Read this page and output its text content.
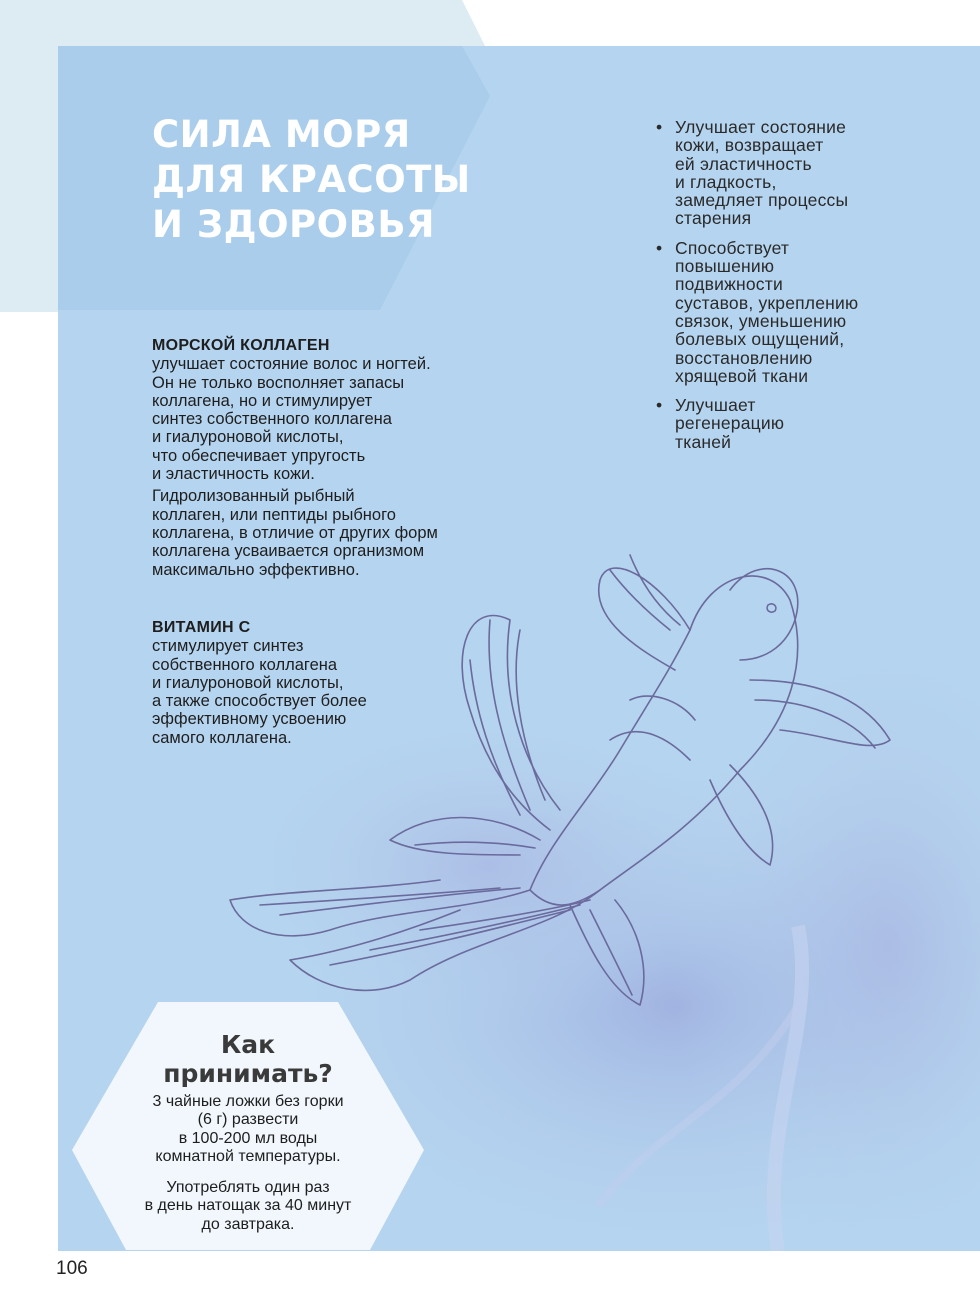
СИЛА МОРЯ
ДЛЯ КРАСОТЫ
И ЗДОРОВЬЯ
МОРСКОЙ КОЛЛАГЕН

улучшает состояние волос и ногтей.
Он не только восполняет запасы
коллагена, но и стимулирует
синтез собственного коллагена
и гиалуроновой кислоты,
что обеспечивает упругость
и эластичность кожи.

Гидролизованный рыбный
коллаген, или пептиды рыбного
коллагена, в отличие от других форм
коллагена усваивается организмом
максимально эффективно.

ВИТАМИН С

стимулирует синтез
собственного коллагена
и гиалуроновой кислоты,
а также способствует более
эффективному усвоению
самого коллагена.

• Улучшает состояние
кожи, возвращает
ей эластичность
и гладкость,
замедляет процессы
старения
• Способствует
повышению
подвижности
суставов, укреплению
связок, уменьшению
болевых ощущений,
восстановлению
хрящевой ткани
• Улучшает
регенерацию
тканей
Как
принимать?

3 чайные ложки без горки
(6 г) развести
в 100-200 мл воды
комнатной температуры.

Употреблять один раз
в день натощак за 40 минут
до завтрака.

106
